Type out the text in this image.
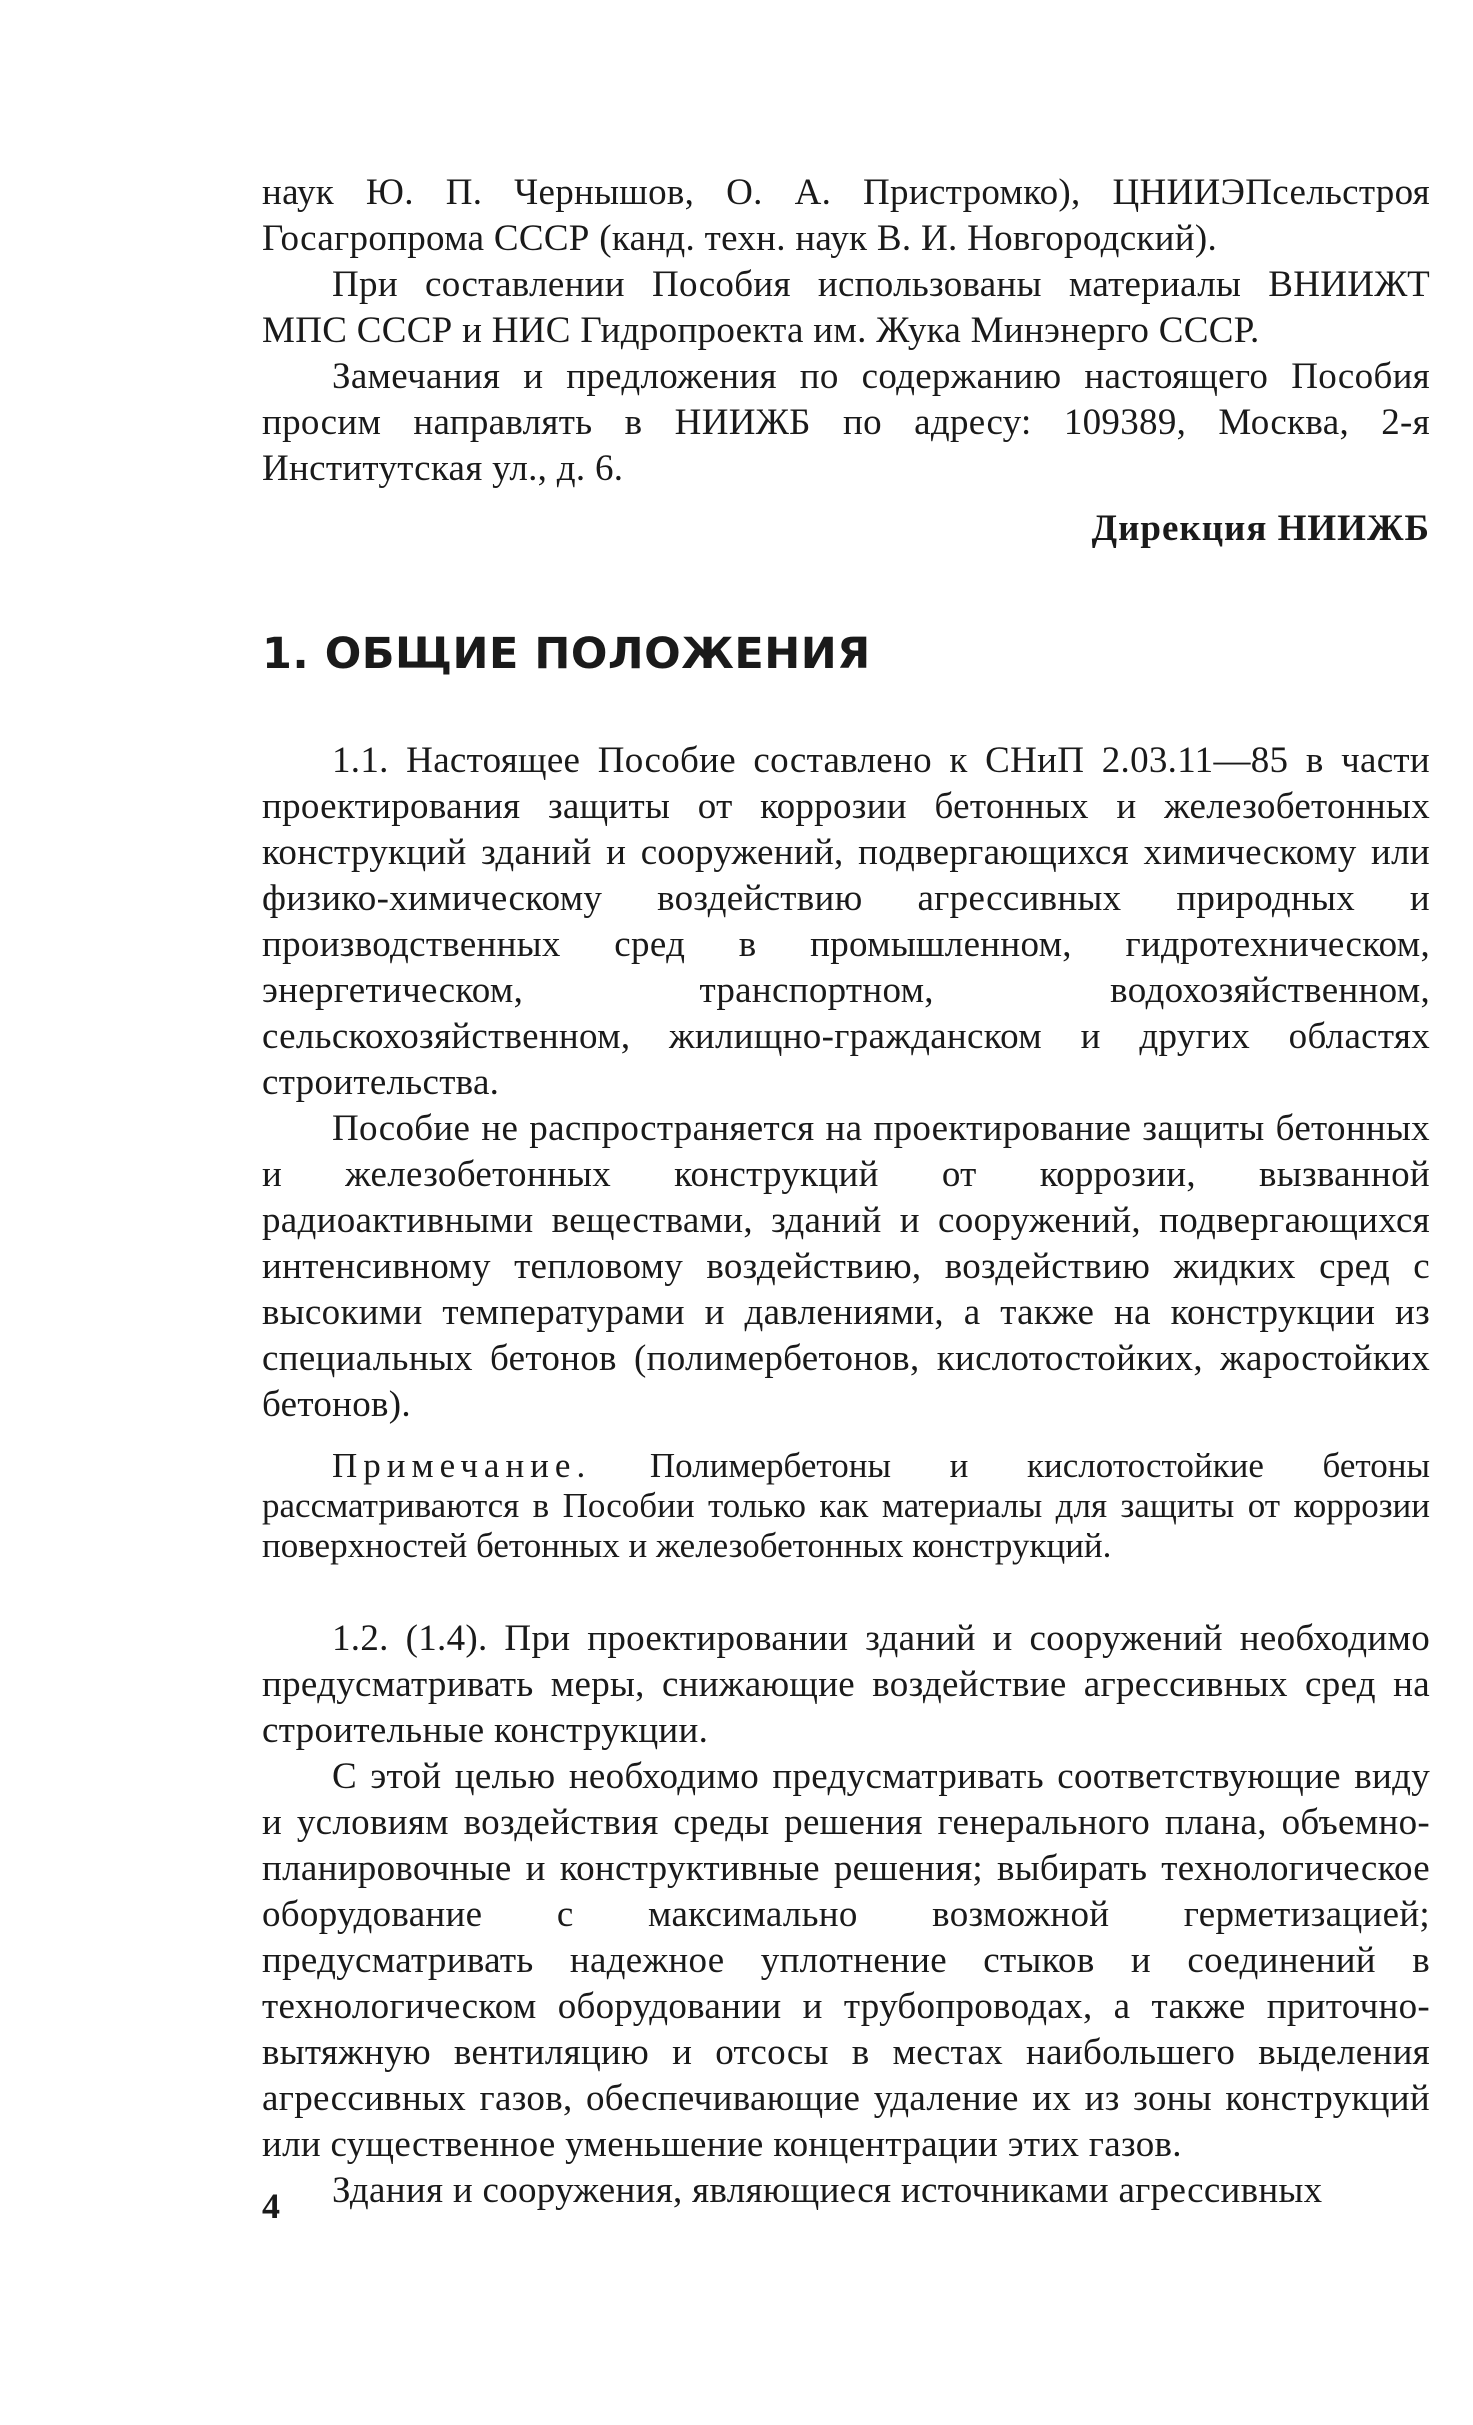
наук Ю. П. Чернышов, О. А. Пристромко), ЦНИИЭПсельстроя Госагропрома СССР (канд. техн. наук В. И. Новгородский).

При составлении Пособия использованы материалы ВНИИЖТ МПС СССР и НИС Гидропроекта им. Жука Минэнерго СССР.

Замечания и предложения по содержанию настоящего Пособия просим направлять в НИИЖБ по адресу: 109389, Москва, 2-я Институтская ул., д. 6.

Дирекция НИИЖБ
1. ОБЩИЕ ПОЛОЖЕНИЯ

1.1. Настоящее Пособие составлено к СНиП 2.03.11—85 в части проектирования защиты от коррозии бетонных и железобетонных конструкций зданий и сооружений, подвергающихся химическому или физико-химическому воздействию агрессивных природных и производственных сред в промышленном, гидротехническом, энергетическом, транспортном, водохозяйственном, сельскохозяйственном, жилищно-гражданском и других областях строительства.

Пособие не распространяется на проектирование защиты бетонных и железобетонных конструкций от коррозии, вызванной радиоактивными веществами, зданий и сооружений, подвергающихся интенсивному тепловому воздействию, воздействию жидких сред с высокими температурами и давлениями, а также на конструкции из специальных бетонов (полимербетонов, кислотостойких, жаростойких бетонов).

Примечание. Полимербетоны и кислотостойкие бетоны рассматриваются в Пособии только как материалы для защиты от коррозии поверхностей бетонных и железобетонных конструкций.

1.2. (1.4). При проектировании зданий и сооружений необходимо предусматривать меры, снижающие воздействие агрессивных сред на строительные конструкции.

С этой целью необходимо предусматривать соответствующие виду и условиям воздействия среды решения генерального плана, объемно-планировочные и конструктивные решения; выбирать технологическое оборудование с максимально возможной герметизацией; предусматривать надежное уплотнение стыков и соединений в технологическом оборудовании и трубопроводах, а также приточно-вытяжную вентиляцию и отсосы в местах наибольшего выделения агрессивных газов, обеспечивающие удаление их из зоны конструкций или существенное уменьшение концентрации этих газов.

Здания и сооружения, являющиеся источниками агрессивных

4
